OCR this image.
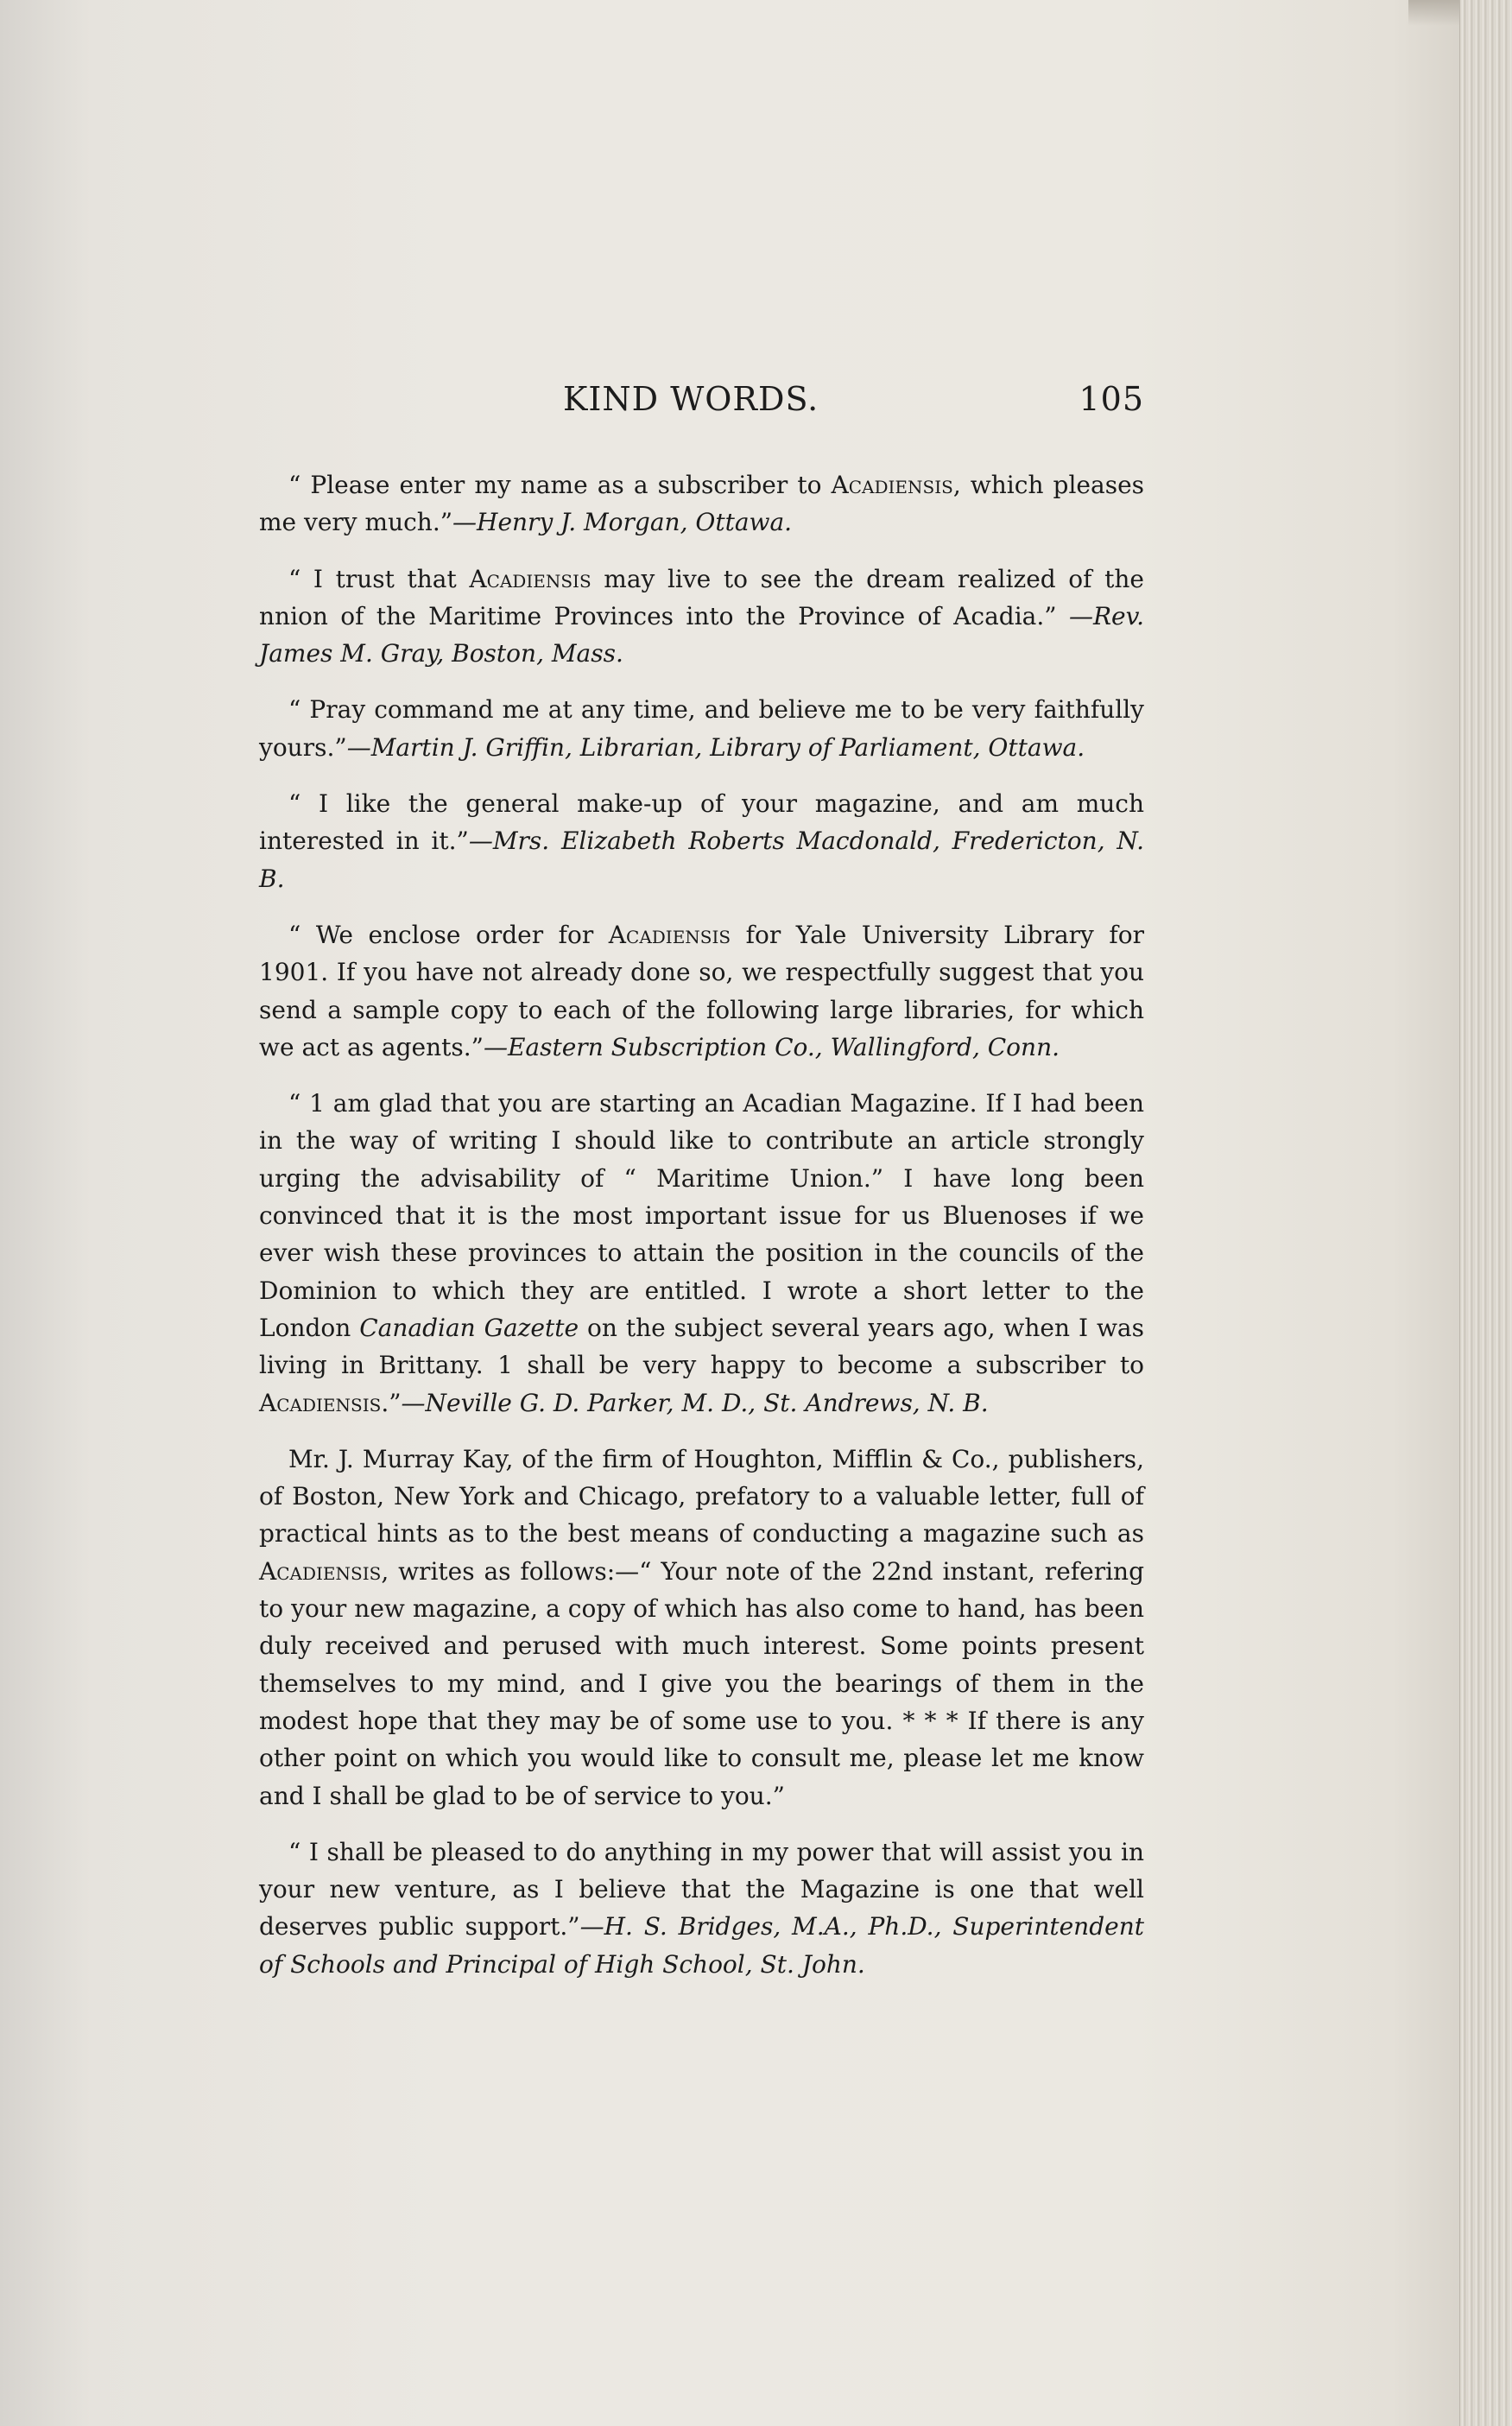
KIND WORDS.	105

“ Please enter my name as a subscriber to Acadiensis, which pleases me very much.”—Henry J. Morgan, Ottawa.

“ I trust that Acadiensis may live to see the dream realized of the nnion of the Maritime Provinces into the Province of Acadia.” —Rev. James M. Gray, Boston, Mass.

“ Pray command me at any time, and believe me to be very faithfully yours.”—Martin J. Griffin, Librarian, Library of Parliament, Ottawa.

“ I like the general make-up of your magazine, and am much interested in it.”—Mrs. Elizabeth Roberts Macdonald, Fredericton, N. B.

“ We enclose order for Acadiensis for Yale University Library for 1901. If you have not already done so, we respectfully suggest that you send a sample copy to each of the following large libraries, for which we act as agents.”—Eastern Subscription Co., Wallingford, Conn.

“ 1 am glad that you are starting an Acadian Magazine. If I had been in the way of writing I should like to contribute an article strongly urging the advisability of “ Maritime Union.” I have long been convinced that it is the most important issue for us Bluenoses if we ever wish these provinces to attain the position in the councils of the Dominion to which they are entitled. I wrote a short letter to the London Canadian Gazette on the subject several years ago, when I was living in Brittany. 1 shall be very happy to become a subscriber to Acadiensis.”—Neville G. D. Parker, M. D., St. Andrews, N. B.

Mr. J. Murray Kay, of the firm of Houghton, Mifflin & Co., publishers, of Boston, New York and Chicago, prefatory to a valuable letter, full of practical hints as to the best means of conducting a magazine such as Acadiensis, writes as follows:—“ Your note of the 22nd instant, refering to your new magazine, a copy of which has also come to hand, has been duly received and perused with much interest. Some points present themselves to my mind, and I give you the bearings of them in the modest hope that they may be of some use to you. * * * If there is any other point on which you would like to consult me, please let me know and I shall be glad to be of service to you.”

“ I shall be pleased to do anything in my power that will assist you in your new venture, as I believe that the Magazine is one that well deserves public support.”—H. S. Bridges, M.A., Ph.D., Superintendent of Schools and Principal of High School, St. John.
